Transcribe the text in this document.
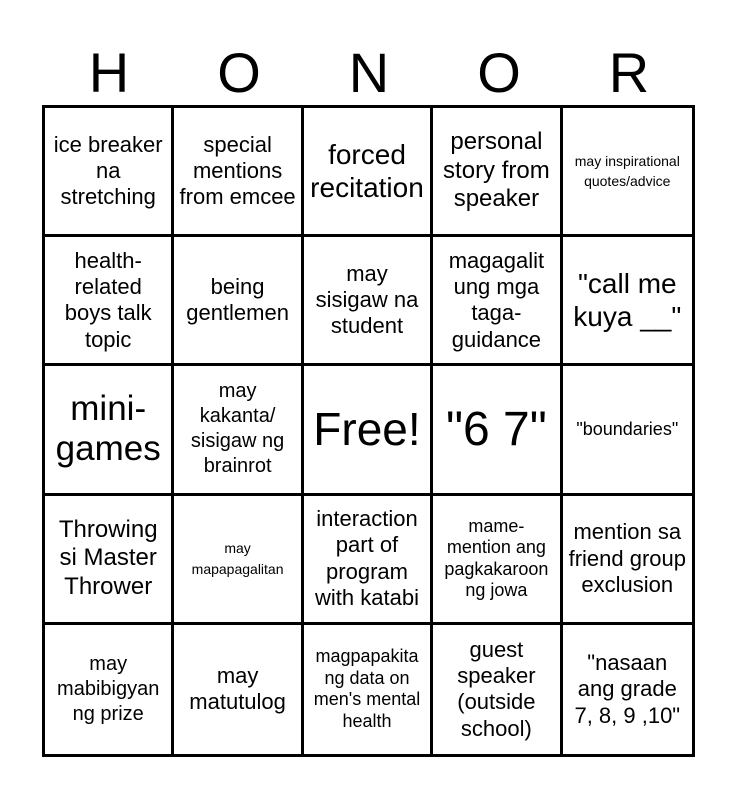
H	O	N	O	R
ice breaker na stretching
special mentions from emcee
forced recitation
personal story from speaker
may inspirational quotes/advice
health-related boys talk topic
being gentlemen
may sisigaw na student
magagalit ung mga taga-guidance
"call me kuya __"
mini-games
may kakanta/ sisigaw ng brainrot
Free! "6 7"	"boundaries"
Throwing si Master Thrower
may mapapagalitan
interaction part of program with katabi
mame-mention ang pagkakaroon ng jowa
mention sa friend group exclusion
may mabibigyan ng prize
may matutulog
magpapakita ng data on men's mental health
guest speaker (outside school)
"nasaan ang grade 7, 8, 9 ,10"
